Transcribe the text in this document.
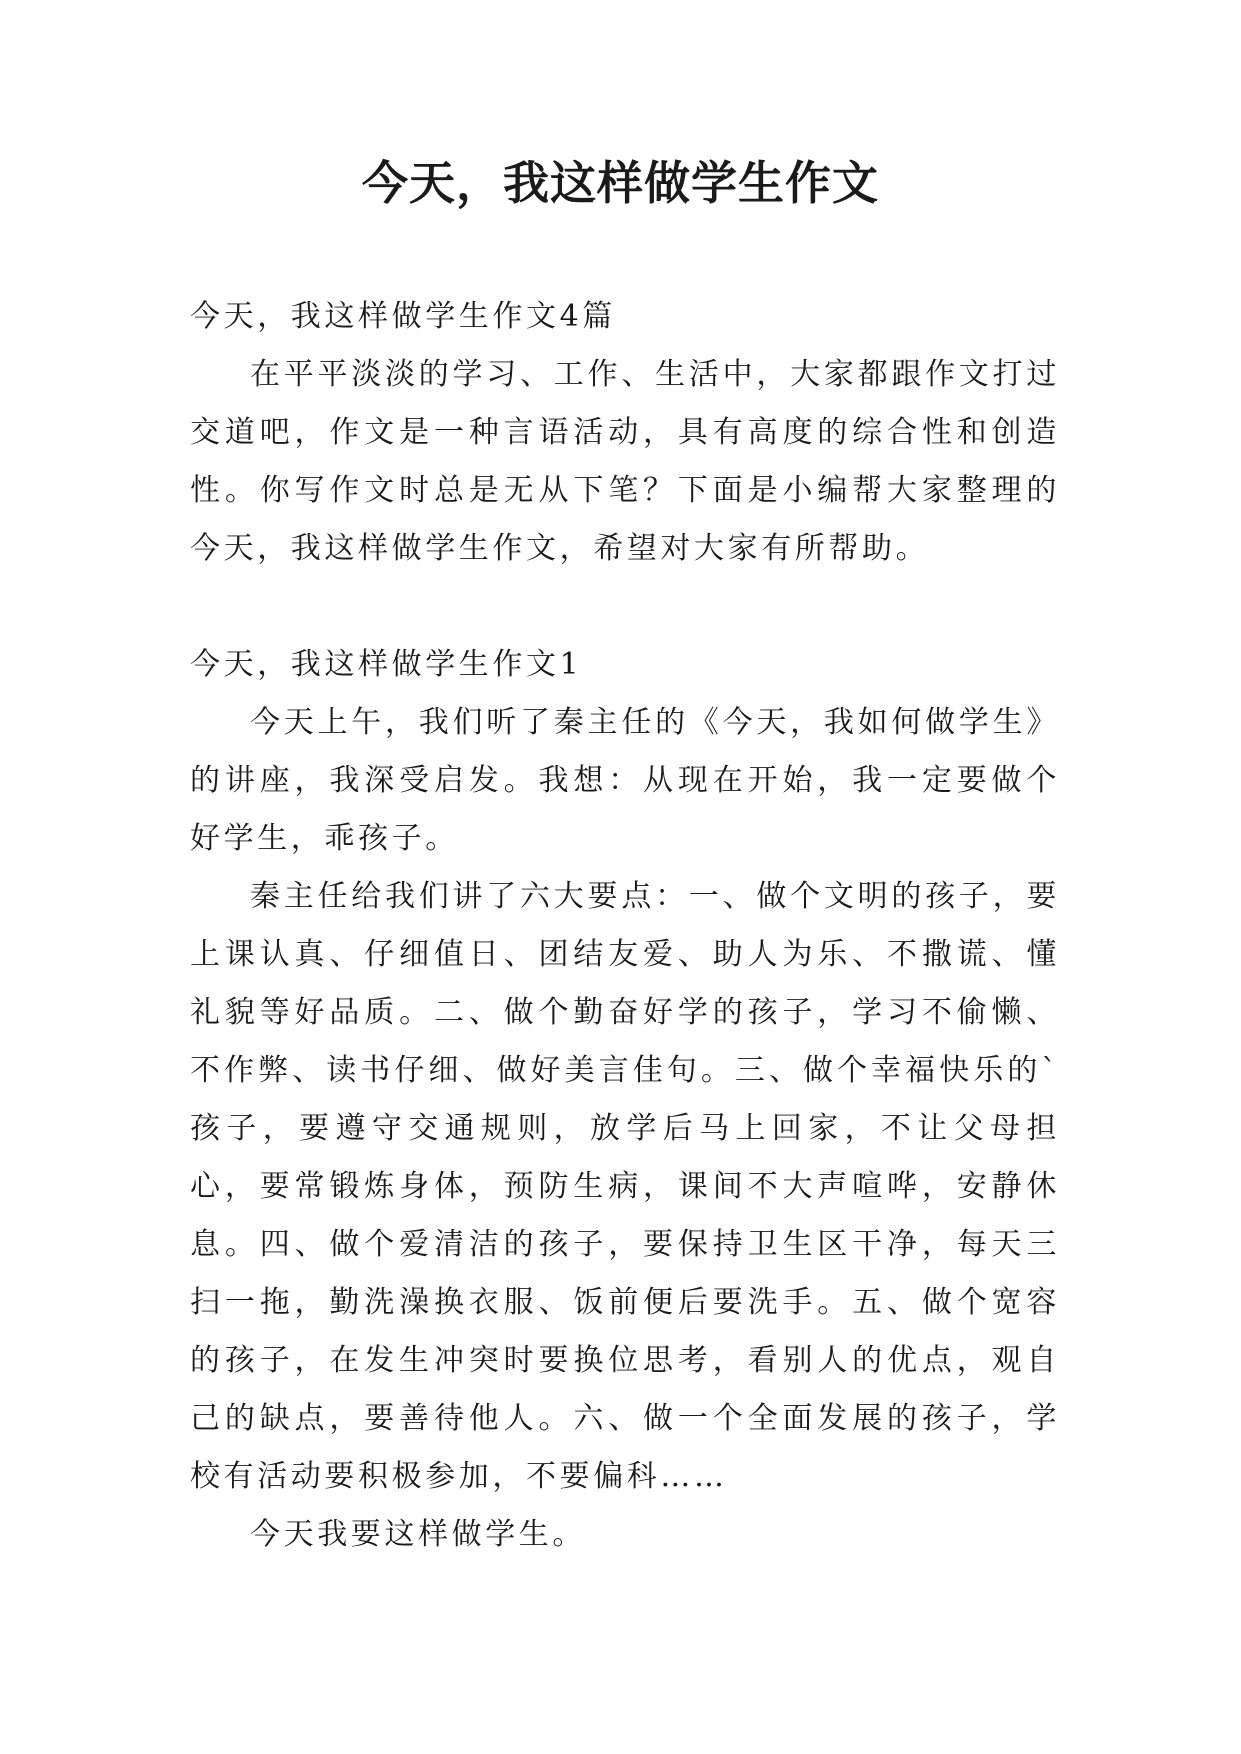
今天，我这样做学生作文

今天，我这样做学生作文4篇

在平平淡淡的学习、工作、生活中，大家都跟作文打过交道吧，作文是一种言语活动，具有高度的综合性和创造性。你写作文时总是无从下笔？下面是小编帮大家整理的今天，我这样做学生作文，希望对大家有所帮助。

今天，我这样做学生作文1

今天上午，我们听了秦主任的《今天，我如何做学生》的讲座，我深受启发。我想：从现在开始，我一定要做个好学生，乖孩子。

秦主任给我们讲了六大要点：一、做个文明的孩子，要上课认真、仔细值日、团结友爱、助人为乐、不撒谎、懂礼貌等好品质。二、做个勤奋好学的孩子，学习不偷懒、不作弊、读书仔细、做好美言佳句。三、做个幸福快乐的`孩子，要遵守交通规则，放学后马上回家，不让父母担心，要常锻炼身体，预防生病，课间不大声喧哗，安静休息。四、做个爱清洁的孩子，要保持卫生区干净，每天三扫一拖，勤洗澡换衣服、饭前便后要洗手。五、做个宽容的孩子，在发生冲突时要换位思考，看别人的优点，观自己的缺点，要善待他人。六、做一个全面发展的孩子，学校有活动要积极参加，不要偏科……

今天我要这样做学生。
